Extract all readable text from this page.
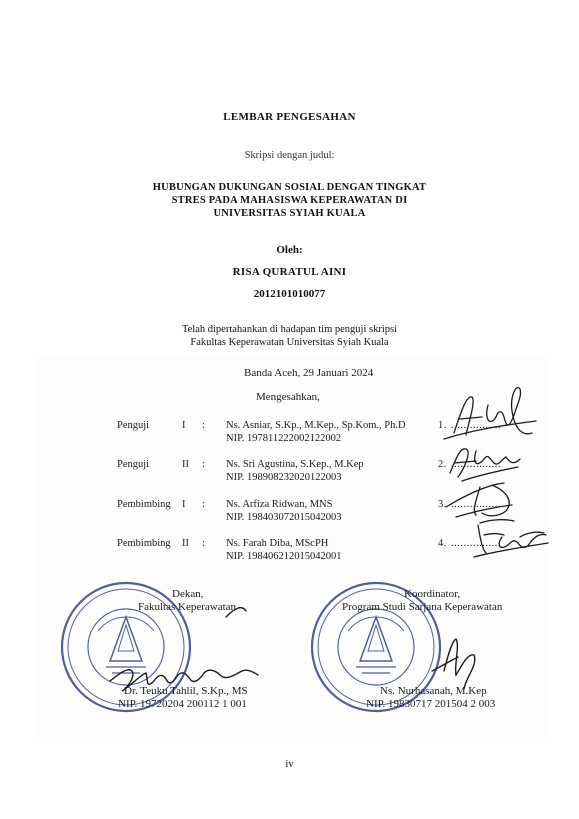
LEMBAR PENGESAHAN
Skripsi dengan judul:
HUBUNGAN DUKUNGAN SOSIAL DENGAN TINGKAT
STRES PADA MAHASISWA KEPERAWATAN DI
UNIVERSITAS SYIAH KUALA
Oleh:
RISA QURATUL AINI
2012101010077
Telah dipertahankan di hadapan tim penguji skripsi
Fakultas Keperawatan Universitas Syiah Kuala
Banda Aceh, 29 Januari 2024
Mengesahkan,
Penguji	I : Ns. Asniar, S.Kp., M.Kep., Sp.Kom., Ph.D
NIP. 197811222002122002
1. ................
Penguji	II : Ns. Sri Agustina, S.Kep., M.Kep
NIP. 198908232020122003
2. ................
Pembimbing I : Ns. Arfiza Ridwan, MNS
NIP. 198403072015042003
3. ................
Pembimbing II : Ns. Farah Diba, MScPH
NIP. 198406212015042001
4. ................
Dekan,
Fakultas Keperawatan
Dr. Teuku Tahlil, S.Kp., MS
NIP. 19720204 200112 1 001
Koordinator,
Program Studi Sarjana Keperawatan
Ns. Nurhasanah, M.Kep
NIP. 19830717 201504 2 003
iv
